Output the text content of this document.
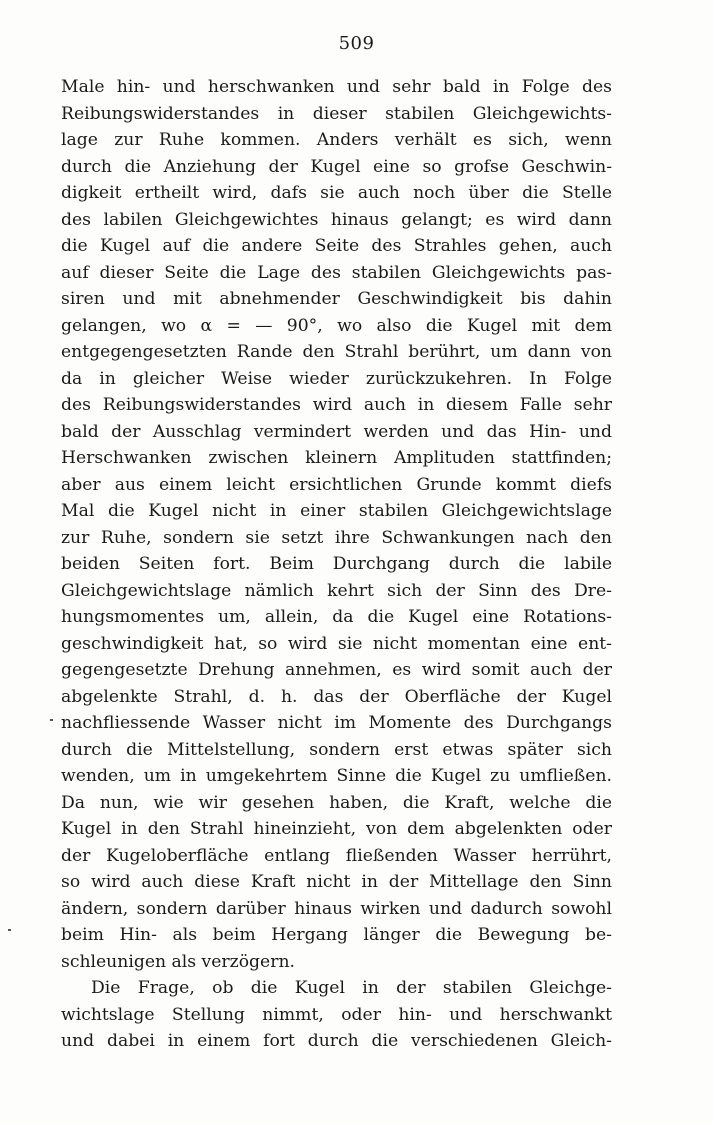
509
Male hin- und herschwanken und sehr bald in Folge des
Reibungswiderstandes in dieser stabilen Gleichgewichts-
lage zur Ruhe kommen. Anders verhält es sich, wenn
durch die Anziehung der Kugel eine so grofse Geschwin-
digkeit ertheilt wird, dafs sie auch noch über die Stelle
des labilen Gleichgewichtes hinaus gelangt; es wird dann
die Kugel auf die andere Seite des Strahles gehen, auch
auf dieser Seite die Lage des stabilen Gleichgewichts pas-
siren und mit abnehmender Geschwindigkeit bis dahin
gelangen, wo α = — 90°, wo also die Kugel mit dem
entgegengesetzten Rande den Strahl berührt, um dann von
da in gleicher Weise wieder zurückzukehren. In Folge
des Reibungswiderstandes wird auch in diesem Falle sehr
bald der Ausschlag vermindert werden und das Hin- und
Herschwanken zwischen kleinern Amplituden stattfinden;
aber aus einem leicht ersichtlichen Grunde kommt diefs
Mal die Kugel nicht in einer stabilen Gleichgewichtslage
zur Ruhe, sondern sie setzt ihre Schwankungen nach den
beiden Seiten fort. Beim Durchgang durch die labile
Gleichgewichtslage nämlich kehrt sich der Sinn des Dre-
hungsmomentes um, allein, da die Kugel eine Rotations-
geschwindigkeit hat, so wird sie nicht momentan eine ent-
gegengesetzte Drehung annehmen, es wird somit auch der
abgelenkte Strahl, d. h. das der Oberfläche der Kugel
nachfliessende Wasser nicht im Momente des Durchgangs
durch die Mittelstellung, sondern erst etwas später sich
wenden, um in umgekehrtem Sinne die Kugel zu umfließen.
Da nun, wie wir gesehen haben, die Kraft, welche die
Kugel in den Strahl hineinzieht, von dem abgelenkten oder
der Kugeloberfläche entlang fließenden Wasser herrührt,
so wird auch diese Kraft nicht in der Mittellage den Sinn
ändern, sondern darüber hinaus wirken und dadurch sowohl
beim Hin- als beim Hergang länger die Bewegung be-
schleunigen als verzögern.
Die Frage, ob die Kugel in der stabilen Gleichge-
wichtslage Stellung nimmt, oder hin- und herschwankt
und dabei in einem fort durch die verschiedenen Gleich-
